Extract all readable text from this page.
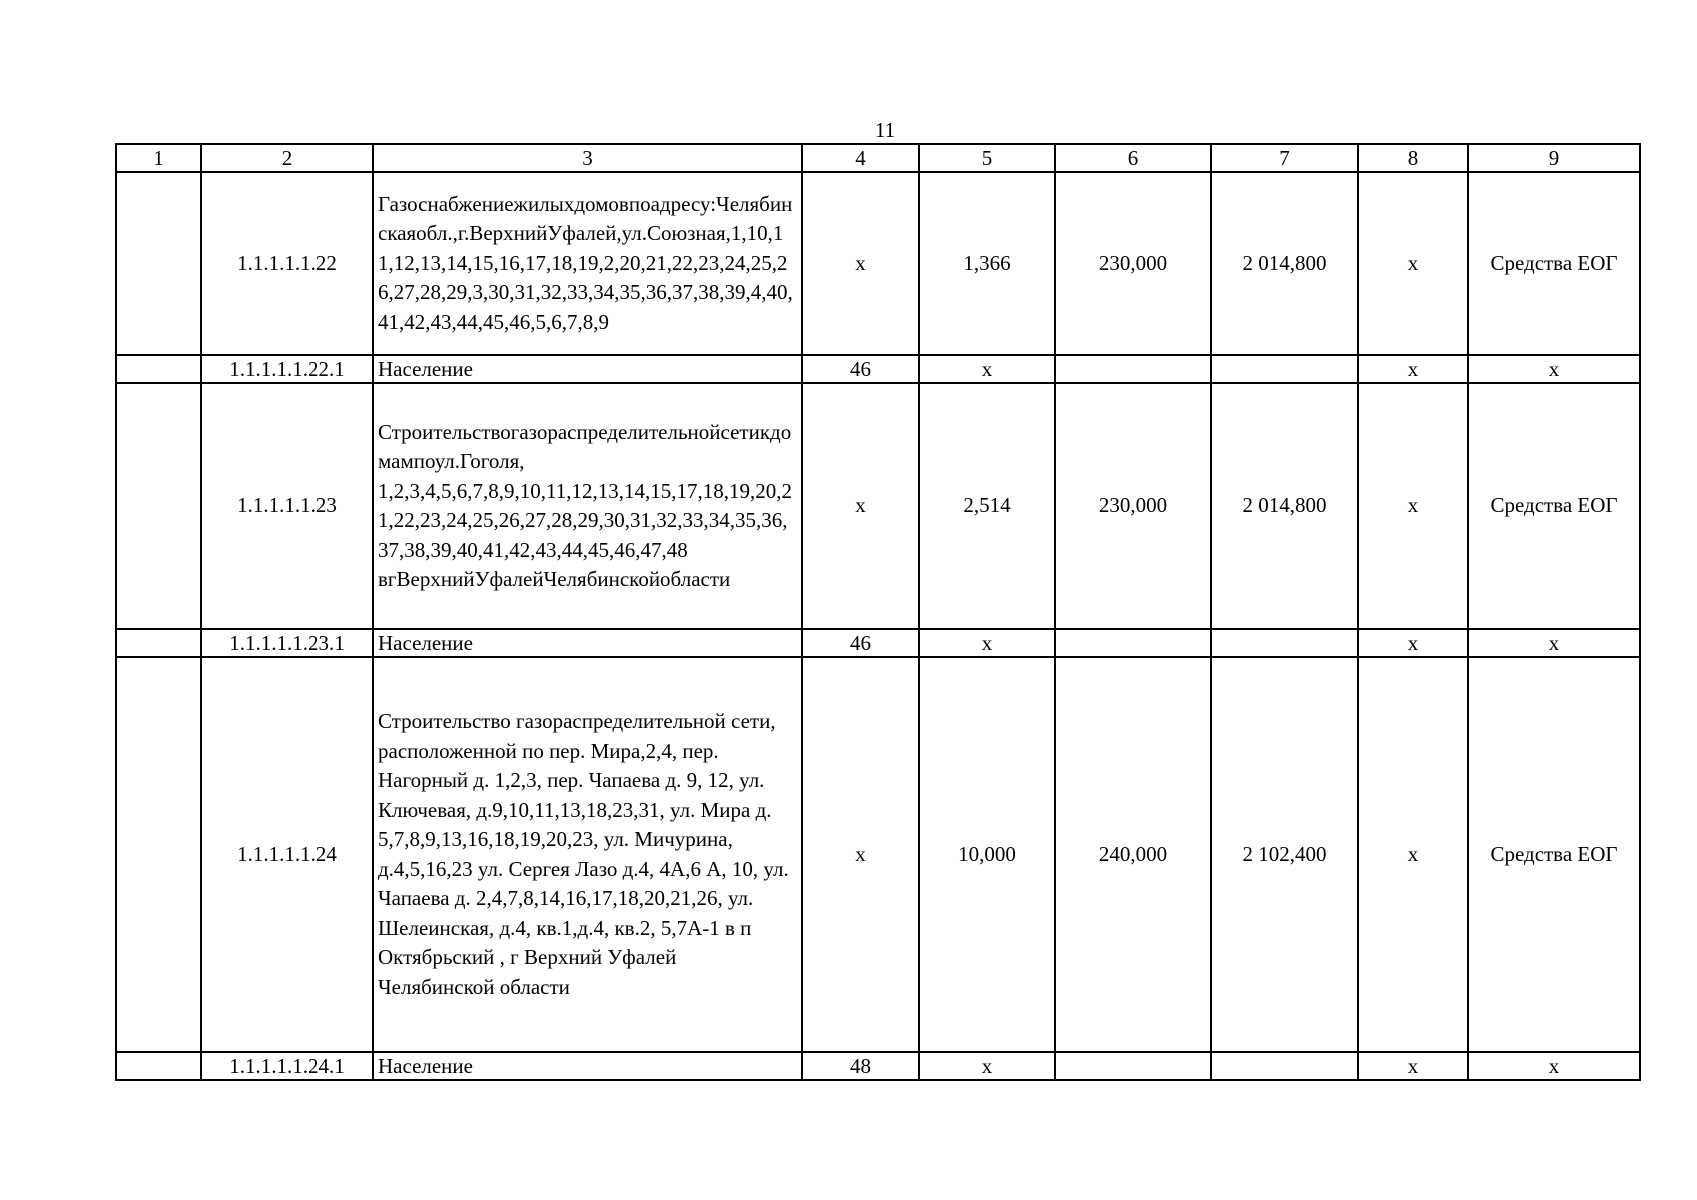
11
1	2	3	4	5	6	7	8	9
	1.1.1.1.1.22	Газоснабжениежилыхдомовпоадресу:Челябинскаяобл.,г.ВерхнийУфалей,ул.Союзная,1,10,11,12,13,14,15,16,17,18,19,2,20,21,22,23,24,25,26,27,28,29,3,30,31,32,33,34,35,36,37,38,39,4,40,41,42,43,44,45,46,5,6,7,8,9	х	1,366	230,000	2 014,800	х	Средства ЕОГ
	1.1.1.1.1.22.1	Население	46	х			х	х
	1.1.1.1.1.23	Строительствогазораспределительнойсетикдомампоул.Гоголя,
1,2,3,4,5,6,7,8,9,10,11,12,13,14,15,17,18,19,20,21,22,23,24,25,26,27,28,29,30,31,32,33,34,35,36,37,38,39,40,41,42,43,44,45,46,47,48
вгВерхнийУфалейЧелябинскойобласти	х	2,514	230,000	2 014,800	х	Средства ЕОГ
	1.1.1.1.1.23.1	Население	46	х			х	х
	1.1.1.1.1.24	Строительство газораспределительной сети, расположенной по пер. Мира,2,4, пер. Нагорный д. 1,2,3, пер. Чапаева д. 9, 12, ул. Ключевая, д.9,10,11,13,18,23,31, ул. Мира д. 5,7,8,9,13,16,18,19,20,23, ул. Мичурина, д.4,5,16,23 ул. Сергея Лазо д.4, 4А,6 А, 10, ул. Чапаева д. 2,4,7,8,14,16,17,18,20,21,26, ул. Шелеинская, д.4, кв.1,д.4, кв.2, 5,7А-1 в п Октябрьский , г Верхний Уфалей Челябинской области	х	10,000	240,000	2 102,400	х	Средства ЕОГ
	1.1.1.1.1.24.1	Население	48	х			х	х
